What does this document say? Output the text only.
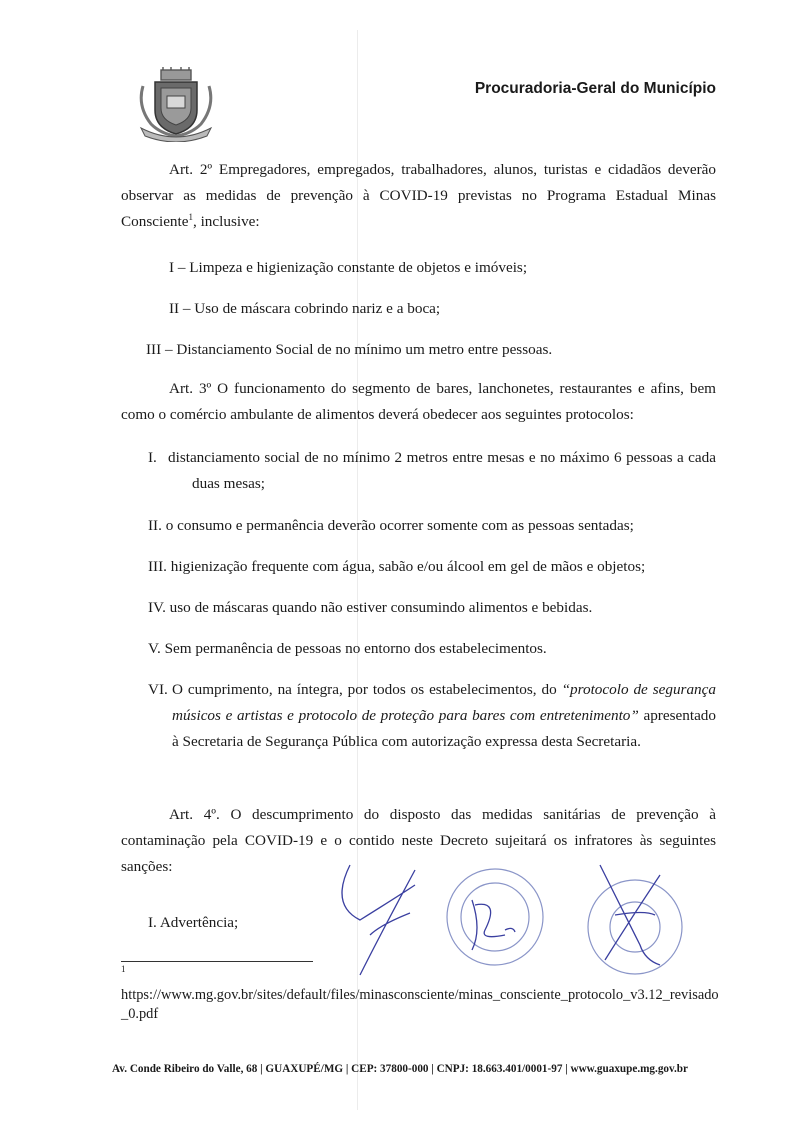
Procuradoria-Geral do Município
Art. 2º Empregadores, empregados, trabalhadores, alunos, turistas e cidadãos deverão observar as medidas de prevenção à COVID-19 previstas no Programa Estadual Minas Consciente$^1$, inclusive:
I – Limpeza e higienização constante de objetos e imóveis;
II – Uso de máscara cobrindo nariz e a boca;
III – Distanciamento Social de no mínimo um metro entre pessoas.
Art. 3º O funcionamento do segmento de bares, lanchonetes, restaurantes e afins, bem como o comércio ambulante de alimentos deverá obedecer aos seguintes protocolos:
I. distanciamento social de no mínimo 2 metros entre mesas e no máximo 6 pessoas a cada duas mesas;
II. o consumo e permanência deverão ocorrer somente com as pessoas sentadas;
III. higienização frequente com água, sabão e/ou álcool em gel de mãos e objetos;
IV. uso de máscaras quando não estiver consumindo alimentos e bebidas.
V. Sem permanência de pessoas no entorno dos estabelecimentos.
VI. O cumprimento, na íntegra, por todos os estabelecimentos, do “protocolo de segurança músicos e artistas e protocolo de proteção para bares com entretenimento” apresentado à Secretaria de Segurança Pública com autorização expressa desta Secretaria.
Art. 4º. O descumprimento do disposto das medidas sanitárias de prevenção à contaminação pela COVID-19 e o contido neste Decreto sujeitará os infratores às seguintes sanções:
I. Advertência;
1
https://www.mg.gov.br/sites/default/files/minasconsciente/minas_consciente_protocolo_v3.12_revisado_0.pdf
Av. Conde Ribeiro do Valle, 68 | GUAXUPÉ/MG | CEP: 37800-000 | CNPJ: 18.663.401/0001-97 | www.guaxupe.mg.gov.br
